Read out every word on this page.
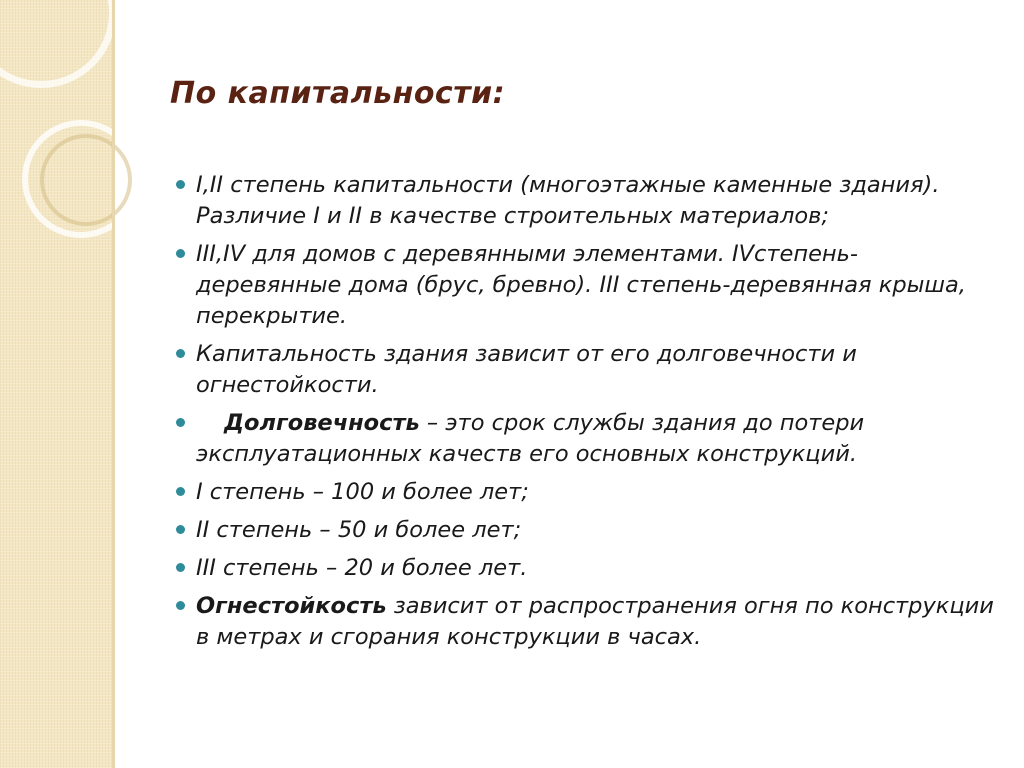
По капитальности:
I,II степень капитальности (многоэтажные каменные здания). Различие I и II в качестве строительных материалов;
III,IV для домов с деревянными элементами. IVстепень-деревянные дома (брус, бревно). III степень-деревянная крыша, перекрытие.
Капитальность здания зависит от его долговечности и огнестойкости.
Долговечность – это срок службы здания до потери эксплуатационных качеств его основных конструкций.
I степень – 100 и более лет;
II степень – 50 и более лет;
III степень – 20 и более лет.
Огнестойкость зависит от распространения огня по конструкции в метрах и сгорания конструкции в часах.
